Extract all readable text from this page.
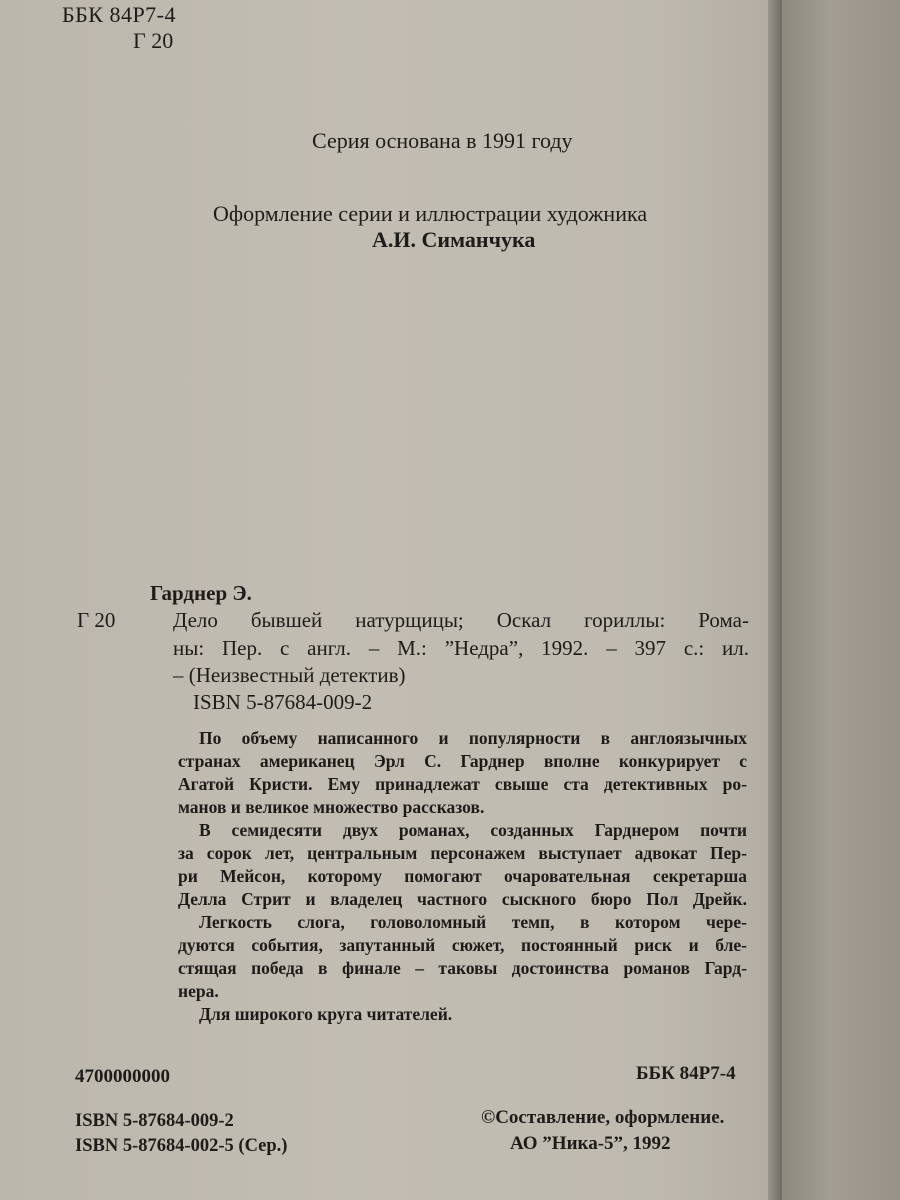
ББК 84Р7-4
Г 20
Серия основана в 1991 году
Оформление серии и иллюстрации художника
А.И. Симанчука
Гарднер Э.
Г 20	Дело бывшей натурщицы; Оскал гориллы: Рома-
ны: Пер. с англ. – М.: ”Недра”, 1992. – 397 с.: ил.
– (Неизвестный детектив)
ISBN 5-87684-009-2
По объему написанного и популярности в англоязычных
странах американец Эрл С. Гарднер вполне конкурирует с
Агатой Кристи. Ему принадлежат свыше ста детективных ро-
манов и великое множество рассказов.
В семидесяти двух романах, созданных Гарднером почти
за сорок лет, центральным персонажем выступает адвокат Пер-
ри Мейсон, которому помогают очаровательная секретарша
Делла Стрит и владелец частного сыскного бюро Пол Дрейк.
Легкость слога, головоломный темп, в котором чере-
дуются события, запутанный сюжет, постоянный риск и бле-
стящая победа в финале – таковы достоинства романов Гард-
нера.
Для широкого круга читателей.
4700000000	ББК 84Р7-4
ISBN 5-87684-009-2
ISBN 5-87684-002-5 (Сер.)
©Составление, оформление.
АО ”Ника-5”, 1992
